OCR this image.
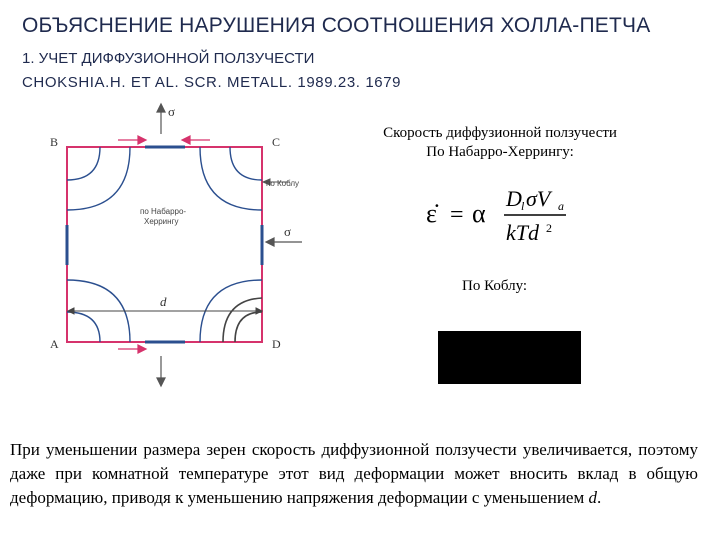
ОБЪЯСНЕНИЕ НАРУШЕНИЯ СООТНОШЕНИЯ ХОЛЛА-ПЕТЧА
1. УЧЕТ ДИФФУЗИОННОЙ ПОЛЗУЧЕСТИ
CHOKSHIA.H. ET AL. SCR. METALL. 1989.23. 1679
B	C
A	D
σ
σ
d
по Набарро-
Херрингу
по Коблу
Скорость диффузионной ползучести
По Набарро-Херрингу:
ε̇ = α
D l σV a
kTd 2
По Коблу:

При уменьшении размера зерен скорость диффузионной ползучести увеличивается, поэтому даже при комнатной температуре этот вид деформации может вносить вклад в общую деформацию, приводя к уменьшению напряжения деформации с уменьшением d.
